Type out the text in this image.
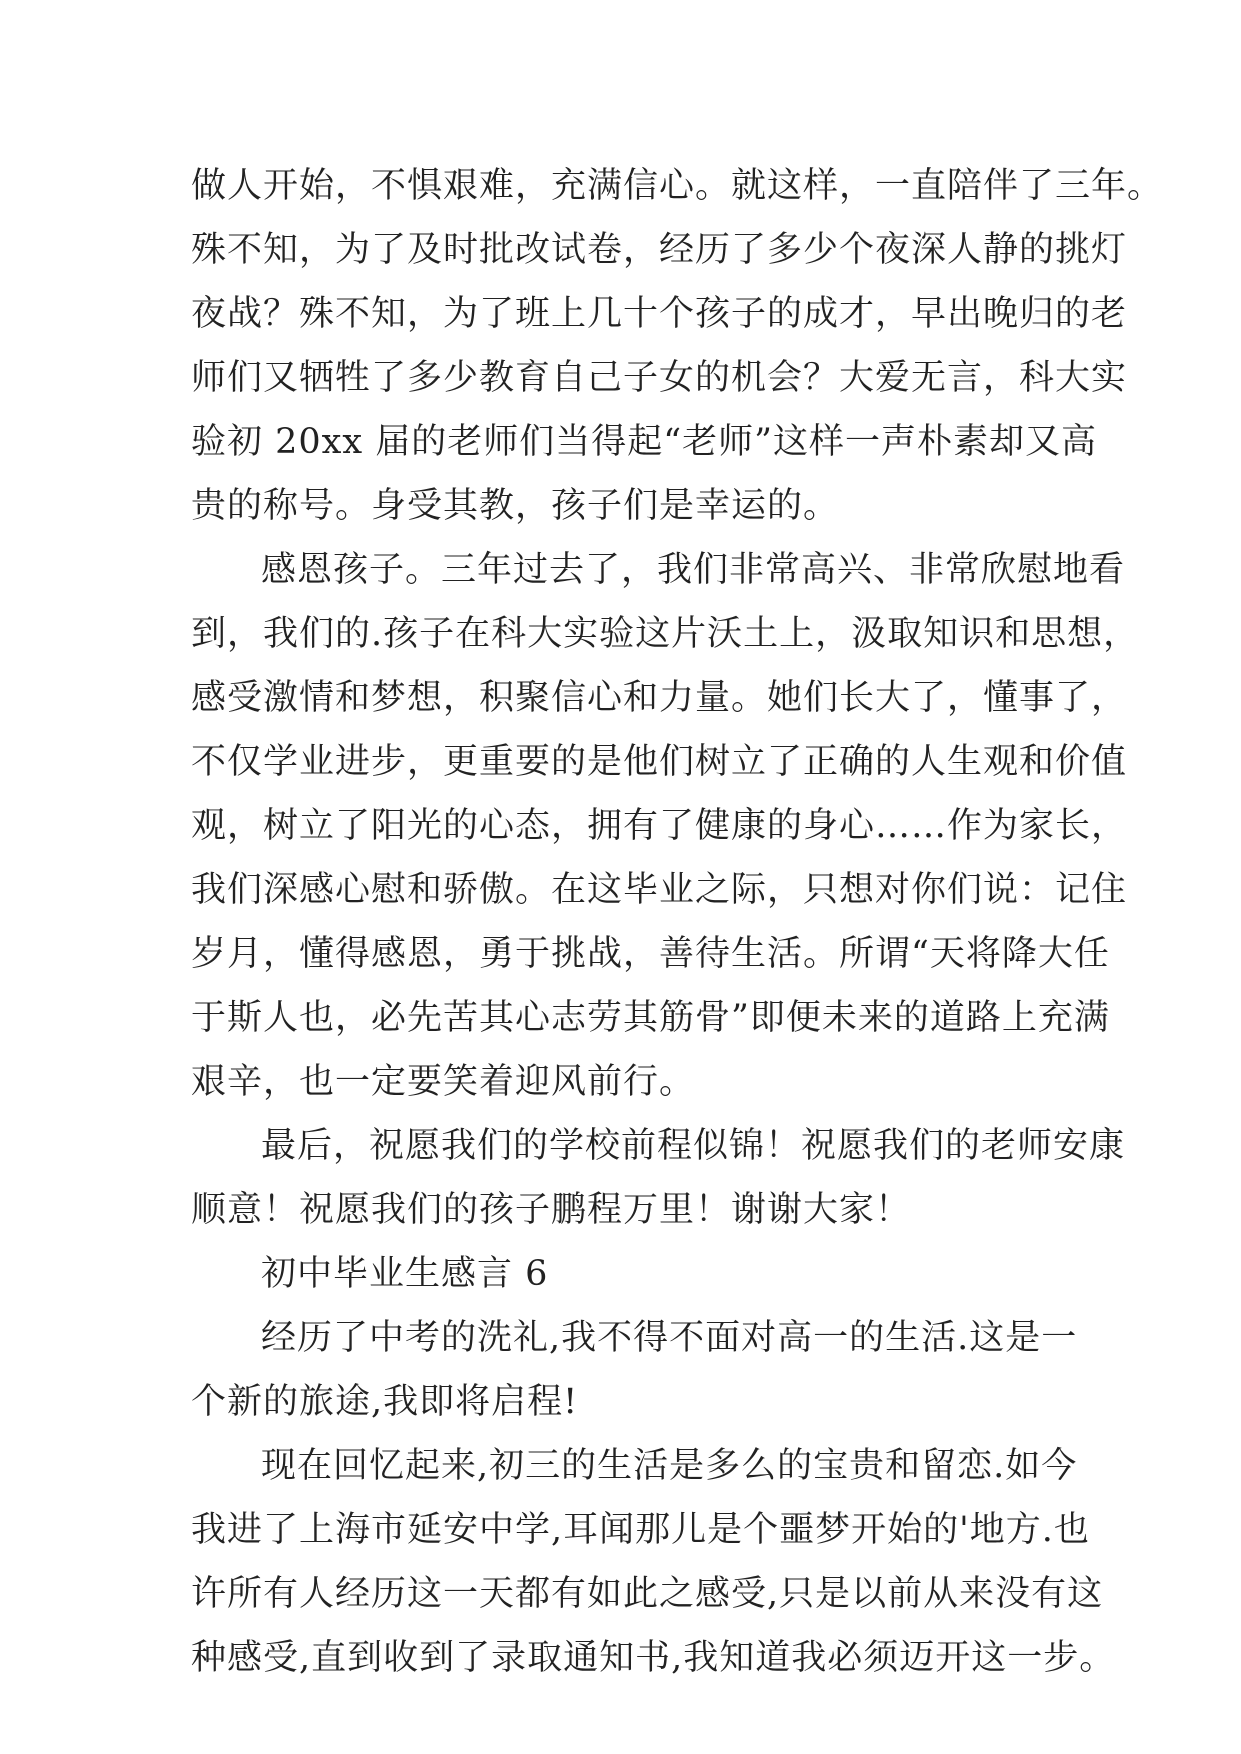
做人开始，不惧艰难，充满信心。就这样，一直陪伴了三年。
殊不知，为了及时批改试卷，经历了多少个夜深人静的挑灯
夜战？殊不知，为了班上几十个孩子的成才，早出晚归的老
师们又牺牲了多少教育自己子女的机会？大爱无言，科大实
验初 20xx 届的老师们当得起“老师”这样一声朴素却又高
贵的称号。身受其教，孩子们是幸运的。
感恩孩子。三年过去了，我们非常高兴、非常欣慰地看
到，我们的.孩子在科大实验这片沃土上，汲取知识和思想，
感受激情和梦想，积聚信心和力量。她们长大了，懂事了，
不仅学业进步，更重要的是他们树立了正确的人生观和价值
观，树立了阳光的心态，拥有了健康的身心……作为家长，
我们深感心慰和骄傲。在这毕业之际，只想对你们说：记住
岁月，懂得感恩，勇于挑战，善待生活。所谓“天将降大任
于斯人也，必先苦其心志劳其筋骨”即便未来的道路上充满
艰辛，也一定要笑着迎风前行。
最后，祝愿我们的学校前程似锦！祝愿我们的老师安康
顺意！祝愿我们的孩子鹏程万里！谢谢大家！
初中毕业生感言 6
经历了中考的洗礼,我不得不面对高一的生活.这是一
个新的旅途,我即将启程!
现在回忆起来,初三的生活是多么的宝贵和留恋.如今
我进了上海市延安中学,耳闻那儿是个噩梦开始的'地方.也
许所有人经历这一天都有如此之感受,只是以前从来没有这
种感受,直到收到了录取通知书,我知道我必须迈开这一步。
